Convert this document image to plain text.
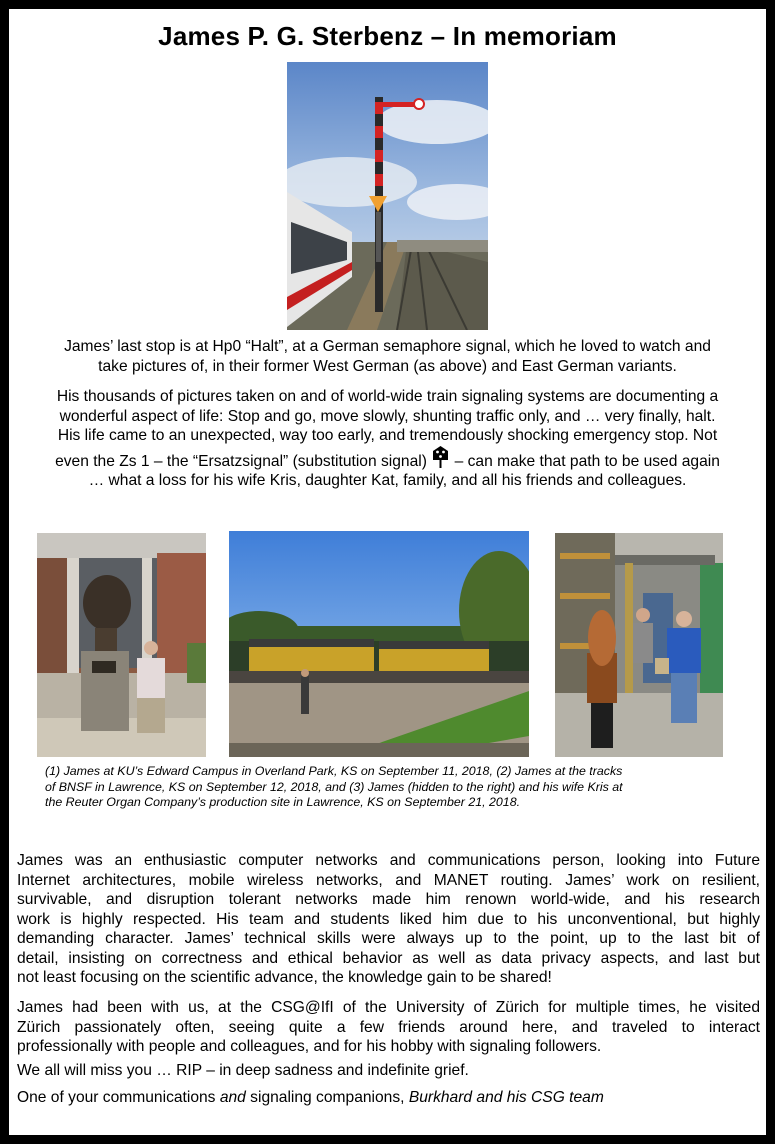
James P. G. Sterbenz – In memoriam

James’ last stop is at Hp0 “Halt”, at a German semaphore signal, which he loved to watch and
take pictures of, in their former West German (as above) and East German variants.

His thousands of pictures taken on and of world-wide train signaling systems are documenting a
wonderful aspect of life: Stop and go, move slowly, shunting traffic only, and … very finally, halt.
His life came to an unexpected, way too early, and tremendously shocking emergency stop. Not
even the Zs 1 – the “Ersatzsignal” (substitution signal) – can make that path to be used again
… what a loss for his wife Kris, daughter Kat, family, and all his friends and colleagues.

(1) James at KU’s Edward Campus in Overland Park, KS on September 11, 2018, (2) James at the tracks
of BNSF in Lawrence, KS on September 12, 2018, and (3) James (hidden to the right) and his wife Kris at
the Reuter Organ Company’s production site in Lawrence, KS on September 21, 2018.

James was an enthusiastic computer networks and communications person, looking into Future
Internet architectures, mobile wireless networks, and MANET routing. James’ work on resilient,
survivable, and disruption tolerant networks made him renown world-wide, and his research
work is highly respected. His team and students liked him due to his unconventional, but highly
demanding character. James’ technical skills were always up to the point, up to the last bit of
detail, insisting on correctness and ethical behavior as well as data privacy aspects, and last but
not least focusing on the scientific advance, the knowledge gain to be shared!

James had been with us, at the CSG@IfI of the University of Zürich for multiple times, he visited
Zürich passionately often, seeing quite a few friends around here, and traveled to interact
professionally with people and colleagues, and for his hobby with signaling followers.

We all will miss you … RIP – in deep sadness and indefinite grief.

One of your communications and signaling companions, Burkhard and his CSG team
